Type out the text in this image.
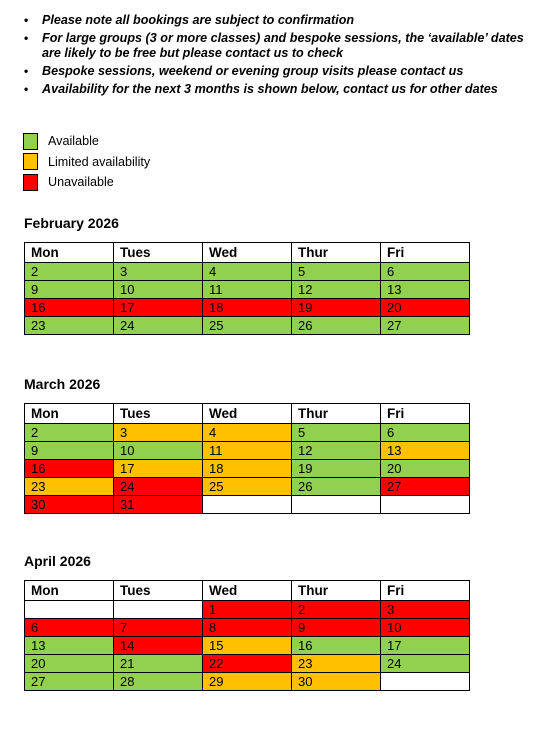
• Please note all bookings are subject to confirmation
• For large groups (3 or more classes) and bespoke sessions, the ‘available’ dates are likely to be free but please contact us to check
• Bespoke sessions, weekend or evening group visits please contact us
• Availability for the next 3 months is shown below, contact us for other dates
Available
Limited availability
Unavailable
February 2026
Mon	Tues	Wed	Thur	Fri
2	3	4	5	6
9	10	11	12	13
16	17	18	19	20
23	24	25	26	27
March 2026
Mon	Tues	Wed	Thur	Fri
2	3	4	5	6
9	10	11	12	13
16	17	18	19	20
23	24	25	26	27
30	31			
April 2026
Mon	Tues	Wed	Thur	Fri
		1	2	3
6	7	8	9	10
13	14	15	16	17
20	21	22	23	24
27	28	29	30	
